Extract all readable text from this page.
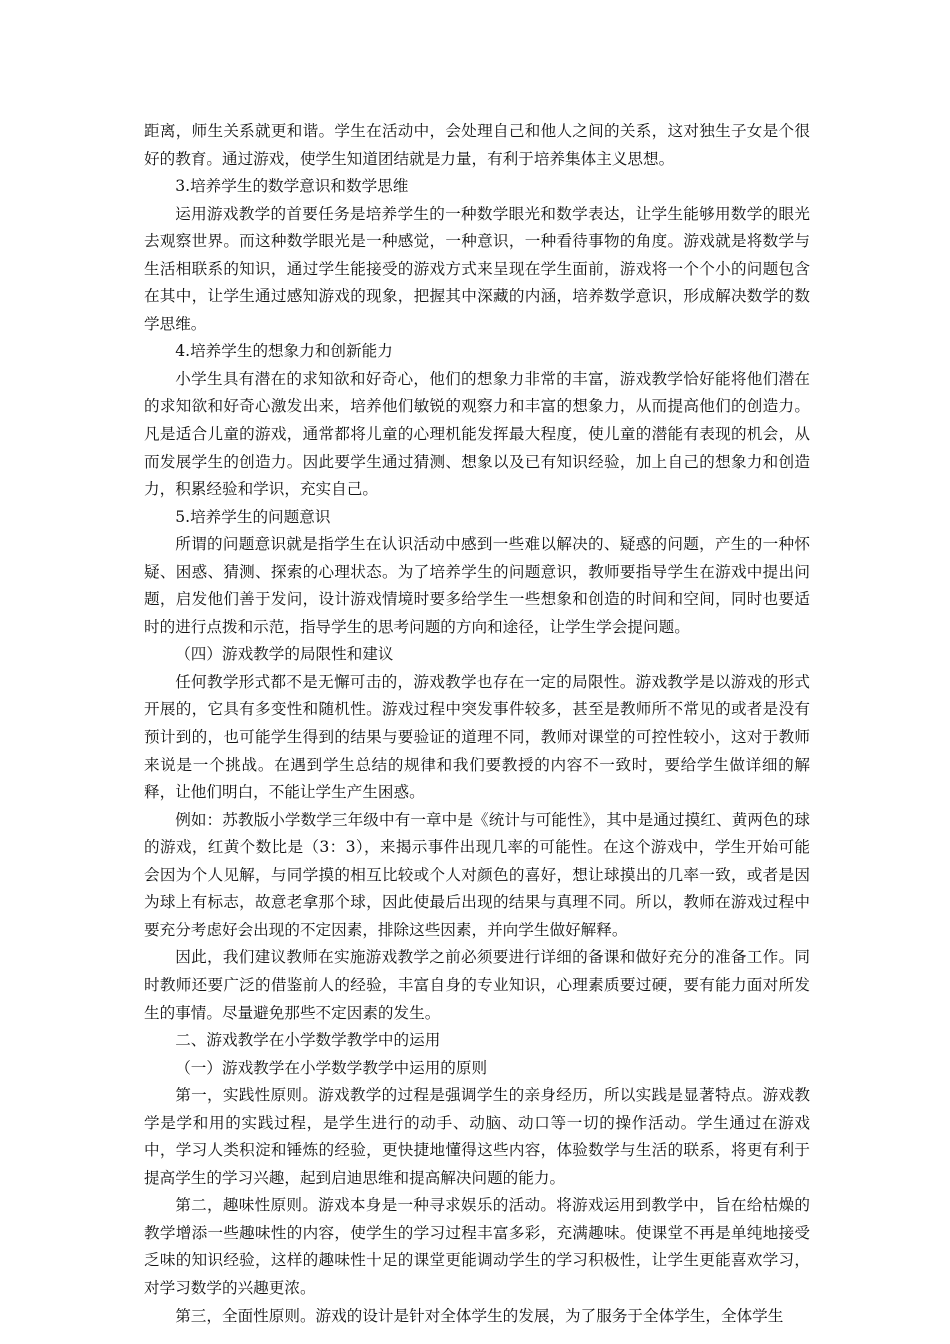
距离，师生关系就更和谐。学生在活动中，会处理自己和他人之间的关系，这对独生子女是个很好的教育。通过游戏，使学生知道团结就是力量，有利于培养集体主义思想。

3.培养学生的数学意识和数学思维

运用游戏教学的首要任务是培养学生的一种数学眼光和数学表达，让学生能够用数学的眼光去观察世界。而这种数学眼光是一种感觉，一种意识，一种看待事物的角度。游戏就是将数学与生活相联系的知识，通过学生能接受的游戏方式来呈现在学生面前，游戏将一个个小的问题包含在其中，让学生通过感知游戏的现象，把握其中深藏的内涵，培养数学意识，形成解决数学的数学思维。

4.培养学生的想象力和创新能力

小学生具有潜在的求知欲和好奇心，他们的想象力非常的丰富，游戏教学恰好能将他们潜在的求知欲和好奇心激发出来，培养他们敏锐的观察力和丰富的想象力，从而提高他们的创造力。凡是适合儿童的游戏，通常都将儿童的心理机能发挥最大程度，使儿童的潜能有表现的机会，从而发展学生的创造力。因此要学生通过猜测、想象以及已有知识经验，加上自己的想象力和创造力，积累经验和学识，充实自己。

5.培养学生的问题意识

所谓的问题意识就是指学生在认识活动中感到一些难以解决的、疑惑的问题，产生的一种怀疑、困惑、猜测、探索的心理状态。为了培养学生的问题意识，教师要指导学生在游戏中提出问题，启发他们善于发问，设计游戏情境时要多给学生一些想象和创造的时间和空间，同时也要适时的进行点拨和示范，指导学生的思考问题的方向和途径，让学生学会提问题。

（四）游戏教学的局限性和建议

任何教学形式都不是无懈可击的，游戏教学也存在一定的局限性。游戏教学是以游戏的形式开展的，它具有多变性和随机性。游戏过程中突发事件较多，甚至是教师所不常见的或者是没有预计到的，也可能学生得到的结果与要验证的道理不同，教师对课堂的可控性较小，这对于教师来说是一个挑战。在遇到学生总结的规律和我们要教授的内容不一致时，要给学生做详细的解释，让他们明白，不能让学生产生困惑。

例如：苏教版小学数学三年级中有一章中是《统计与可能性》，其中是通过摸红、黄两色的球的游戏，红黄个数比是（3：3），来揭示事件出现几率的可能性。在这个游戏中，学生开始可能会因为个人见解，与同学摸的相互比较或个人对颜色的喜好，想让球摸出的几率一致，或者是因为球上有标志，故意老拿那个球，因此使最后出现的结果与真理不同。所以，教师在游戏过程中要充分考虑好会出现的不定因素，排除这些因素，并向学生做好解释。

因此，我们建议教师在实施游戏教学之前必须要进行详细的备课和做好充分的准备工作。同时教师还要广泛的借鉴前人的经验，丰富自身的专业知识，心理素质要过硬，要有能力面对所发生的事情。尽量避免那些不定因素的发生。

二、游戏教学在小学数学教学中的运用

（一）游戏教学在小学数学教学中运用的原则

第一，实践性原则。游戏教学的过程是强调学生的亲身经历，所以实践是显著特点。游戏教学是学和用的实践过程，是学生进行的动手、动脑、动口等一切的操作活动。学生通过在游戏中，学习人类积淀和锤炼的经验，更快捷地懂得这些内容，体验数学与生活的联系，将更有利于提高学生的学习兴趣，起到启迪思维和提高解决问题的能力。

第二，趣味性原则。游戏本身是一种寻求娱乐的活动。将游戏运用到教学中，旨在给枯燥的教学增添一些趣味性的内容，使学生的学习过程丰富多彩，充满趣味。使课堂不再是单纯地接受乏味的知识经验，这样的趣味性十足的课堂更能调动学生的学习积极性，让学生更能喜欢学习，对学习数学的兴趣更浓。

第三，全面性原则。游戏的设计是针对全体学生的发展，为了服务于全体学生，全体学生
